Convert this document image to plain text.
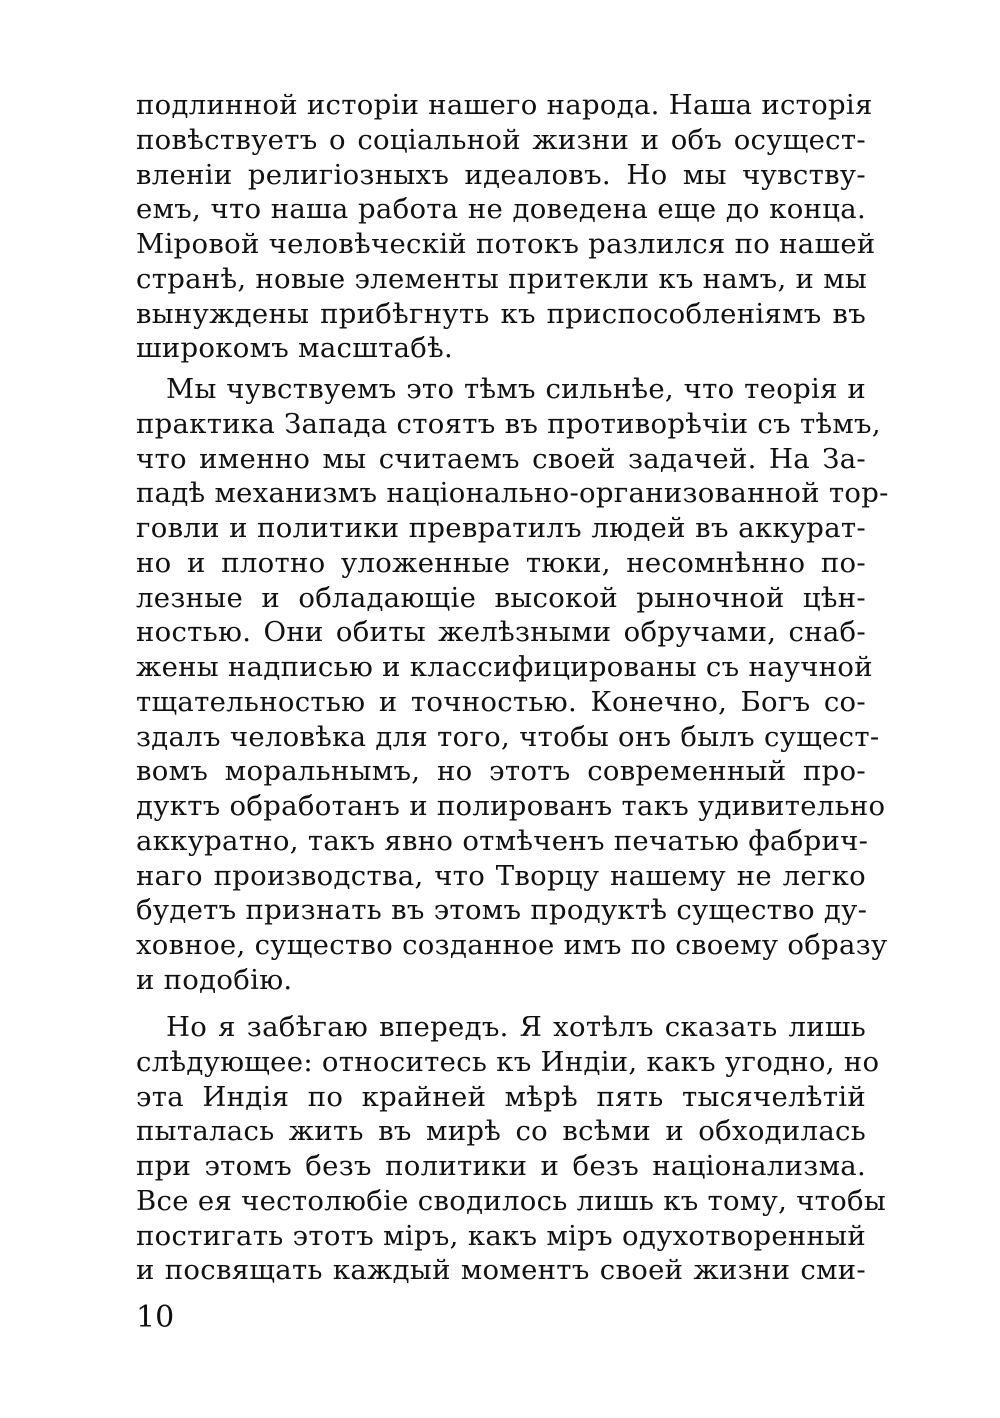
подлинной исторіи нашего народа. Наша исторія
повѣствуетъ о соціальной жизни и объ осущест-
вленіи религіозныхъ идеаловъ. Но мы чувству-
емъ, что наша работа не доведена еще до конца.
Міровой человѣческій потокъ разлился по нашей
странѣ, новые элементы притекли къ намъ, и мы
вынуждены прибѣгнуть къ приспособленіямъ въ
широкомъ масштабѣ.
Мы чувствуемъ это тѣмъ сильнѣе, что теорія и
практика Запада стоятъ въ противорѣчіи съ тѣмъ,
что именно мы считаемъ своей задачей. На За-
падѣ механизмъ національно-организованной тор-
говли и политики превратилъ людей въ аккурат-
но и плотно уложенные тюки, несомнѣнно по-
лезные и обладающіе высокой рыночной цѣн-
ностью. Они обиты желѣзными обручами, снаб-
жены надписью и классифицированы съ научной
тщательностью и точностью. Конечно, Богъ со-
здалъ человѣка для того, чтобы онъ былъ сущест-
вомъ моральнымъ, но этотъ современный про-
дуктъ обработанъ и полированъ такъ удивительно
аккуратно, такъ явно отмѣченъ печатью фабрич-
наго производства, что Творцу нашему не легко
будетъ признать въ этомъ продуктѣ существо ду-
ховное, существо созданное имъ по своему образу
и подобію.
Но я забѣгаю впередъ. Я хотѣлъ сказать лишь
слѣдующее: относитесь къ Индіи, какъ угодно, но
эта Индія по крайней мѣрѣ пять тысячелѣтій
пыталась жить въ мирѣ со всѣми и обходилась
при этомъ безъ политики и безъ націонализма.
Все ея честолюбіе сводилось лишь къ тому, чтобы
постигать этотъ міръ, какъ міръ одухотворенный
и посвящать каждый моментъ своей жизни сми-
10
